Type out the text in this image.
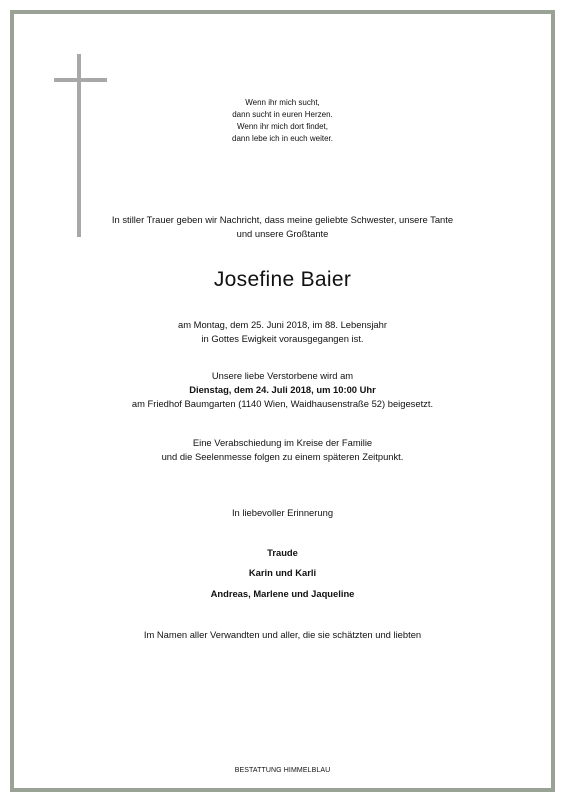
Wenn ihr mich sucht,
dann sucht in euren Herzen.
Wenn ihr mich dort findet,
dann lebe ich in euch weiter.

In stiller Trauer geben wir Nachricht, dass meine geliebte Schwester, unsere Tante
und unsere Großtante

Josefine Baier

am Montag, dem 25. Juni 2018, im 88. Lebensjahr
in Gottes Ewigkeit vorausgegangen ist.

Unsere liebe Verstorbene wird am
Dienstag, dem 24. Juli 2018, um 10:00 Uhr
am Friedhof Baumgarten (1140 Wien, Waidhausenstraße 52) beigesetzt.

Eine Verabschiedung im Kreise der Familie
und die Seelenmesse folgen zu einem späteren Zeitpunkt.

In liebevoller Erinnerung

Traude

Karin und Karli

Andreas, Marlene und Jaqueline

Im Namen aller Verwandten und aller, die sie schätzten und liebten

BESTATTUNG HIMMELBLAU
